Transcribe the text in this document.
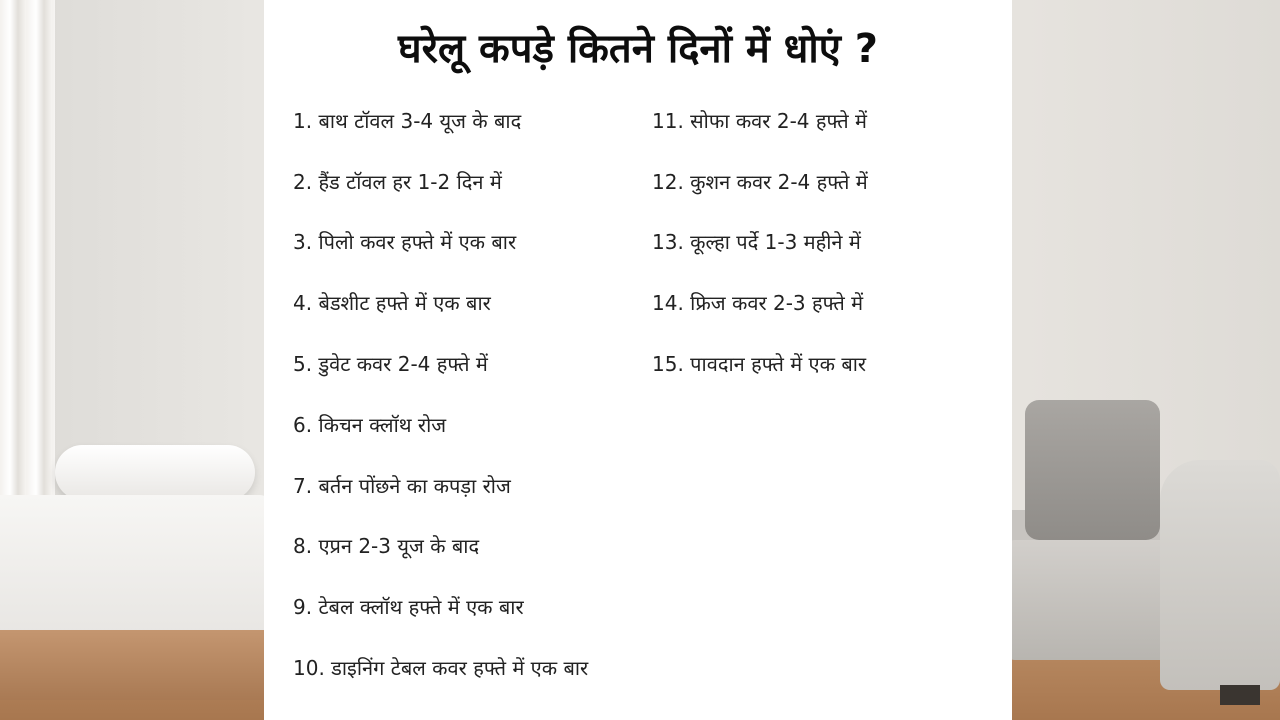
घरेलू कपड़े कितने दिनों में धोएं ?

1. बाथ टॉवल 3-4 यूज के बाद

2. हैंड टॉवल हर 1-2 दिन में

3. पिलो कवर हफ्ते में एक बार

4. बेडशीट हफ्ते में एक बार

5. डुवेट कवर 2-4 हफ्ते में

6. किचन क्लॉथ रोज

7. बर्तन पोंछने का कपड़ा रोज

8. एप्रन 2-3 यूज के बाद

9. टेबल क्लॉथ हफ्ते में एक बार

10. डाइनिंग टेबल कवर हफ्ते में एक बार

11. सोफा कवर 2-4 हफ्ते में

12. कुशन कवर 2-4 हफ्ते में

13. कूल्हा पर्दे 1-3 महीने में

14. फ्रिज कवर 2-3 हफ्ते में

15. पावदान हफ्ते में एक बार
